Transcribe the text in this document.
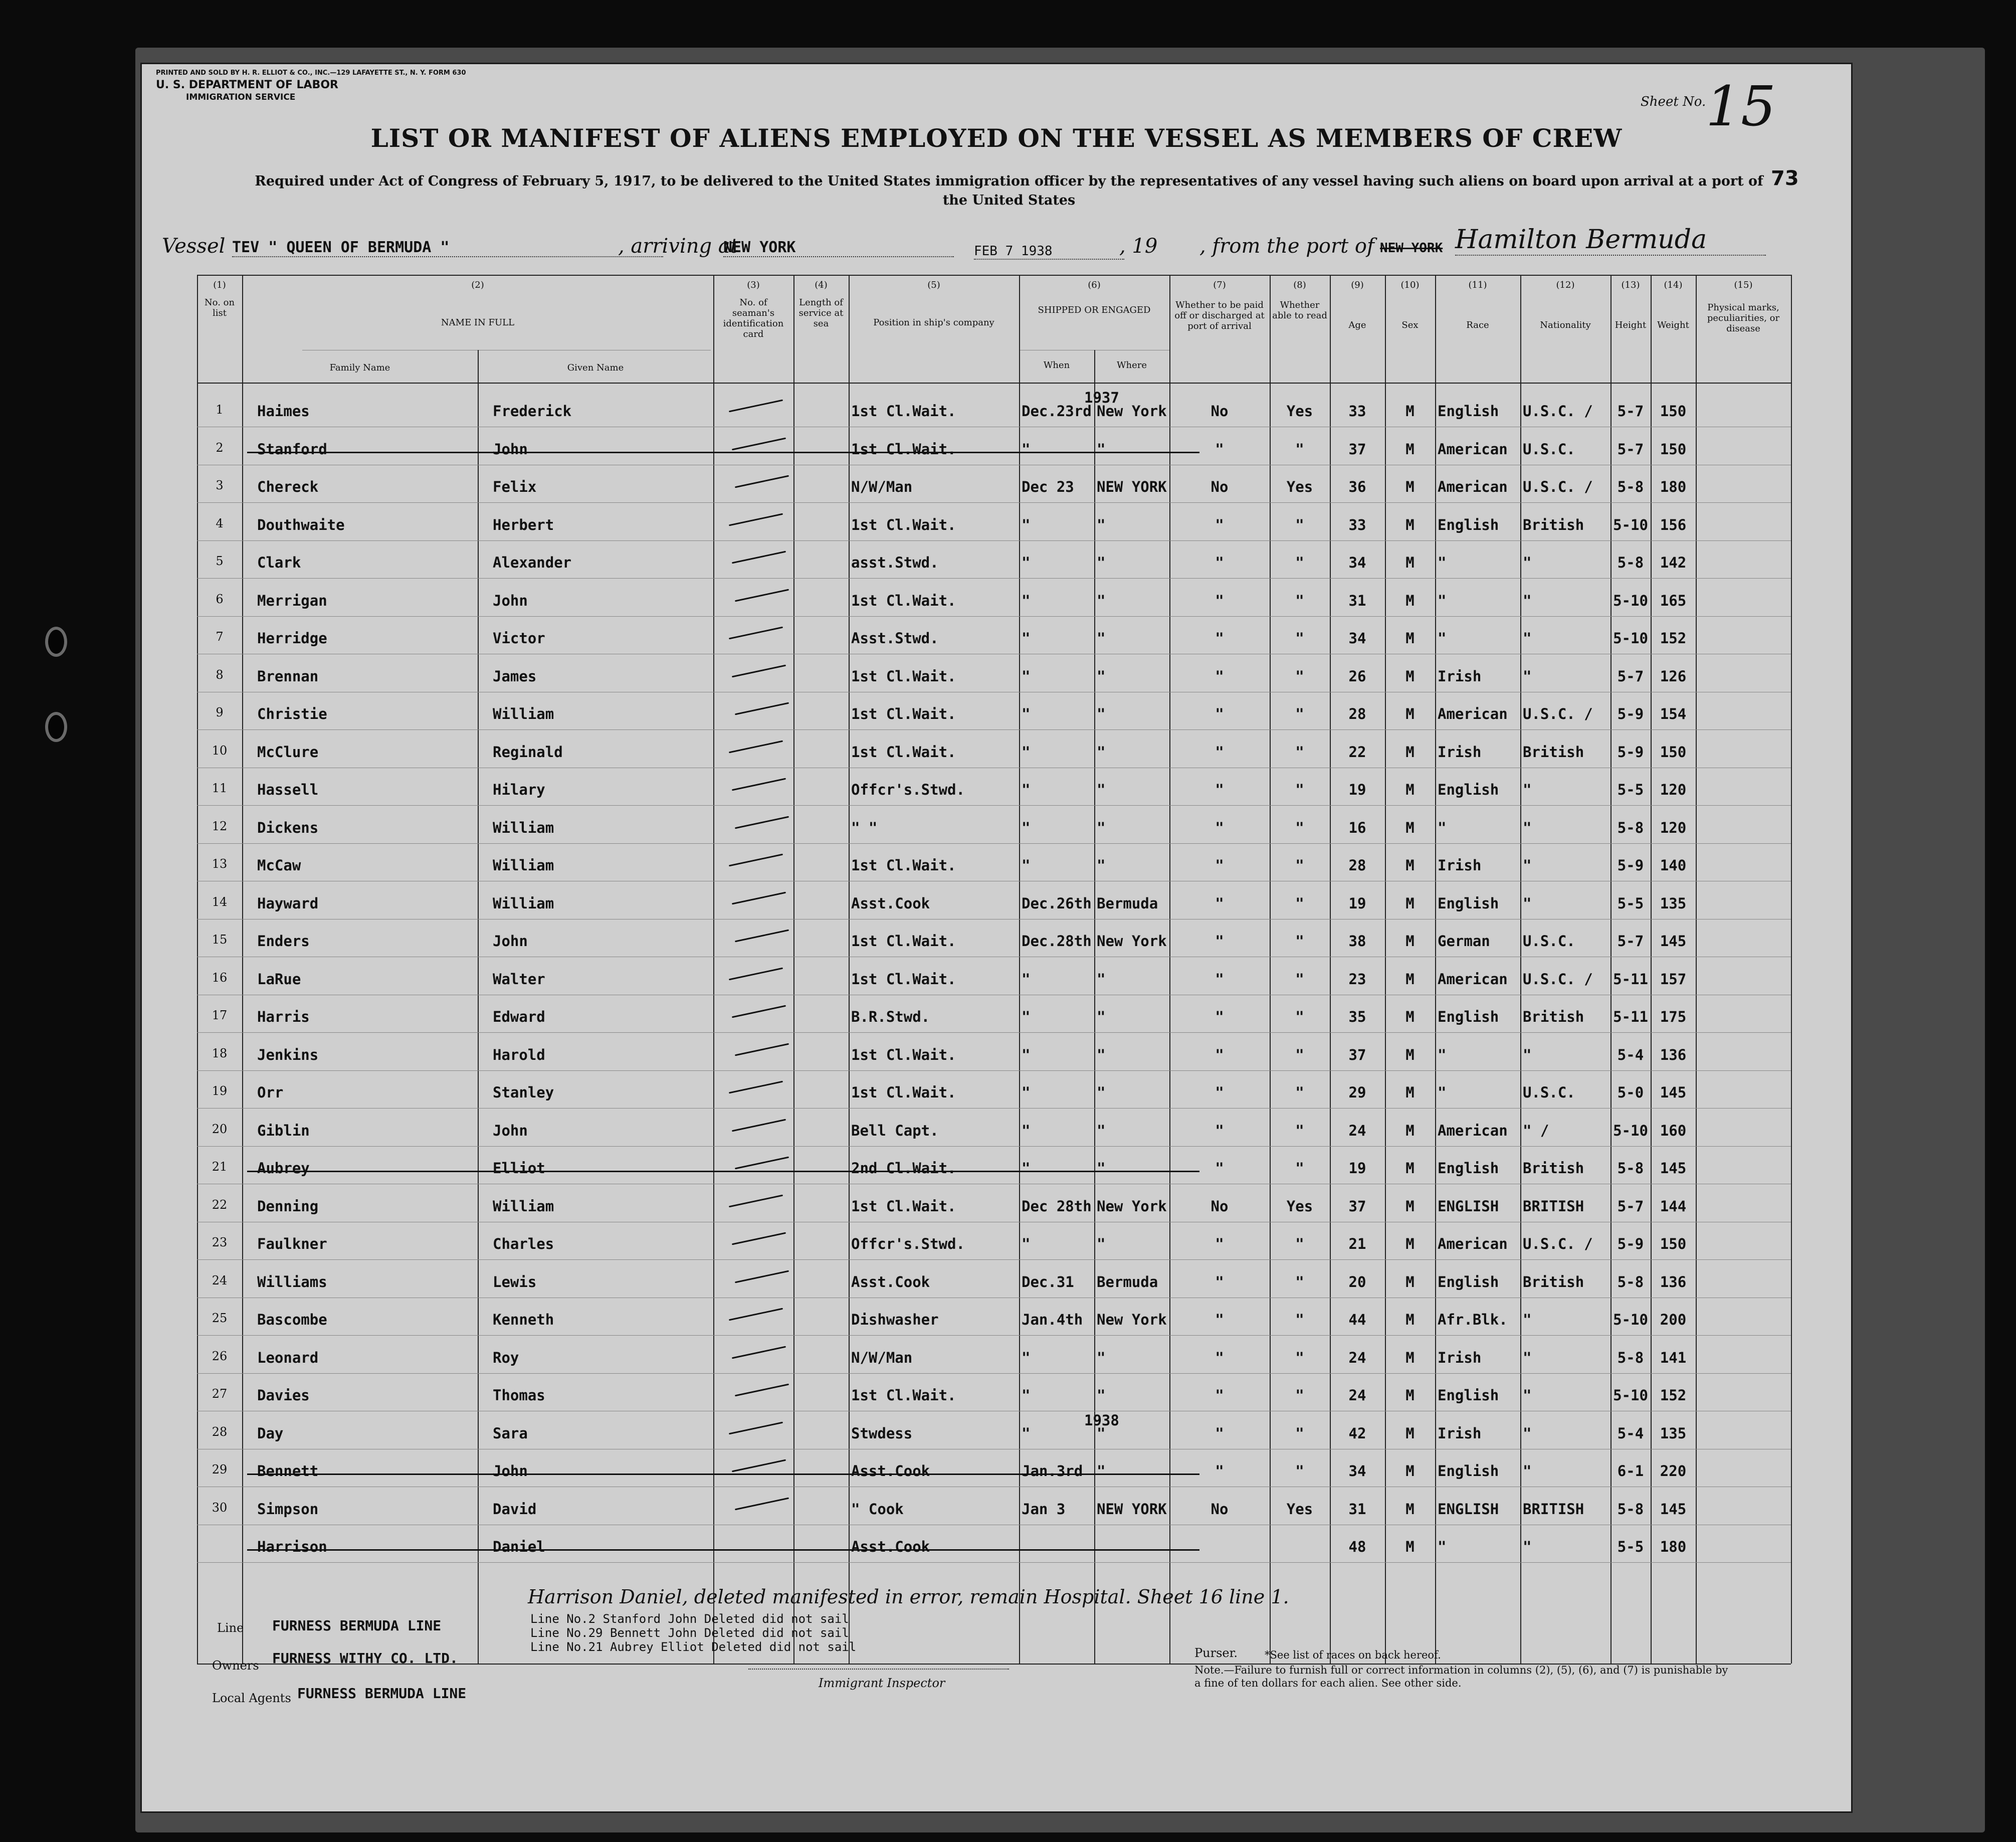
PRINTED AND SOLD BY H. R. ELLIOT & CO., INC.—129 LAFAYETTE ST., N. Y. FORM 630
U. S. DEPARTMENT OF LABOR
IMMIGRATION SERVICE	Sheet No. 15
LIST OR MANIFEST OF ALIENS EMPLOYED ON THE VESSEL AS MEMBERS OF CREW
Required under Act of Congress of February 5, 1917, to be delivered to the United States immigration officer by the representatives of any vessel having such aliens on board upon arrival at a port of the United States
73
Vessel TEV " QUEEN OF BERMUDA "	, arriving at
NEW YORK	FEB 7 1938	, 19 , from the port of NEW YORK Hamilton Bermuda
(1)	(2)	(3)	(4)	(5)	(6)	(7)	(8)	(9)	(10)	(11)	(12)	(13)	(14)	(15)
No. on list
NAME IN FULL
Family Name	Given Name
No. of seaman's identification card
Length of service at sea	Position in ship's company
SHIPPED OR ENGAGED
When	Where
Whether to be paid off or discharged at port of arrival
Whether able to read
Age	Sex	Race	Nationality	Height	Weight
Physical marks, peculiarities, or disease
1937
1938
1	Haimes	Frederick	1st Cl.Wait.	Dec.23rd New York	No	Yes	33	M	English	U.S.C. /	5-7	150
2	Stanford	John	1st Cl.Wait.	"	"	"	"	37	M	American	U.S.C.	5-7	150
3	Chereck	Felix	N/W/Man	Dec 23	NEW YORK	No	Yes	36	M	American	U.S.C. /	5-8	180
4	Douthwaite	Herbert	1st Cl.Wait.	"	"	"	"	33	M	English	British	5-10 156
5	Clark	Alexander	asst.Stwd.	"	"	"	"	34	M	"	"	5-8	142
6	Merrigan	John	1st Cl.Wait.	"	"	"	"	31	M	"	"	5-10 165
7	Herridge	Victor	Asst.Stwd.	"	"	"	"	34	M	"	"	5-10 152
8	Brennan	James	1st Cl.Wait.	"	"	"	"	26	M	Irish	"	5-7	126
9	Christie	William	1st Cl.Wait.	"	"	"	"	28	M	American	U.S.C. /	5-9	154
10	McClure	Reginald	1st Cl.Wait.	"	"	"	"	22	M	Irish	British	5-9	150
11	Hassell	Hilary	Offcr's.Stwd.	"	"	"	"	19	M	English	"	5-5	120
12	Dickens	William	" "	"	"	"	"	16	M	"	"	5-8	120
13	McCaw	William	1st Cl.Wait.	"	"	"	"	28	M	Irish	"	5-9	140
14	Hayward	William	Asst.Cook	Dec.26th Bermuda	"	"	19	M	English	"	5-5	135
15	Enders	John	1st Cl.Wait.	Dec.28th New York	"	"	38	M	German	U.S.C.	5-7	145
16	LaRue	Walter	1st Cl.Wait.	"	"	"	"	23	M	American	U.S.C. /	5-11 157
17	Harris	Edward	B.R.Stwd.	"	"	"	"	35	M	English	British	5-11 175
18	Jenkins	Harold	1st Cl.Wait.	"	"	"	"	37	M	"	"	5-4	136
19	Orr	Stanley	1st Cl.Wait.	"	"	"	"	29	M	"	U.S.C.	5-0	145
20	Giblin	John	Bell Capt.	"	"	"	"	24	M	American	" /	5-10 160
21	Aubrey	Elliot	2nd Cl.Wait.	"	"	"	"	19	M	English	British	5-8	145
22	Denning	William	1st Cl.Wait.	Dec 28th New York	No	Yes	37	M	ENGLISH	BRITISH	5-7	144
23	Faulkner	Charles	Offcr's.Stwd.	"	"	"	"	21	M	American	U.S.C. /	5-9	150
24	Williams	Lewis	Asst.Cook	Dec.31	Bermuda	"	"	20	M	English	British	5-8	136
25	Bascombe	Kenneth	Dishwasher	Jan.4th New York	"	"	44	M	Afr.Blk.	"	5-10 200
26	Leonard	Roy	N/W/Man	"	"	"	"	24	M	Irish	"	5-8	141
27	Davies	Thomas	1st Cl.Wait.	"	"	"	"	24	M	English	"	5-10 152
28	Day	Sara	Stwdess	"	"	"	"	42	M	Irish	"	5-4	135
29	Bennett	John	Asst.Cook	Jan.3rd "	"	"	34	M	English	"	6-1	220
30	Simpson	David	" Cook	Jan 3	NEW YORK	No	Yes	31	M	ENGLISH	BRITISH	5-8	145
Harrison	Daniel	Asst.Cook	48	M	"	"	5-5	180
Line FURNESS BERMUDA LINE
Owners FURNESS WITHY CO. LTD.
Local Agents FURNESS BERMUDA LINE
Line No.2 Stanford John Deleted did not sail
Line No.29 Bennett John Deleted did not sail
Line No.21 Aubrey Elliot Deleted did not sail
Harrison Daniel, deleted manifested in error, remain Hospital. Sheet 16 line 1.
Immigrant Inspector
Purser.	*See list of races on back hereof.
Note.—Failure to furnish full or correct information in columns (2), (5), (6), and (7) is punishable by a fine of ten dollars for each alien. See other side.
